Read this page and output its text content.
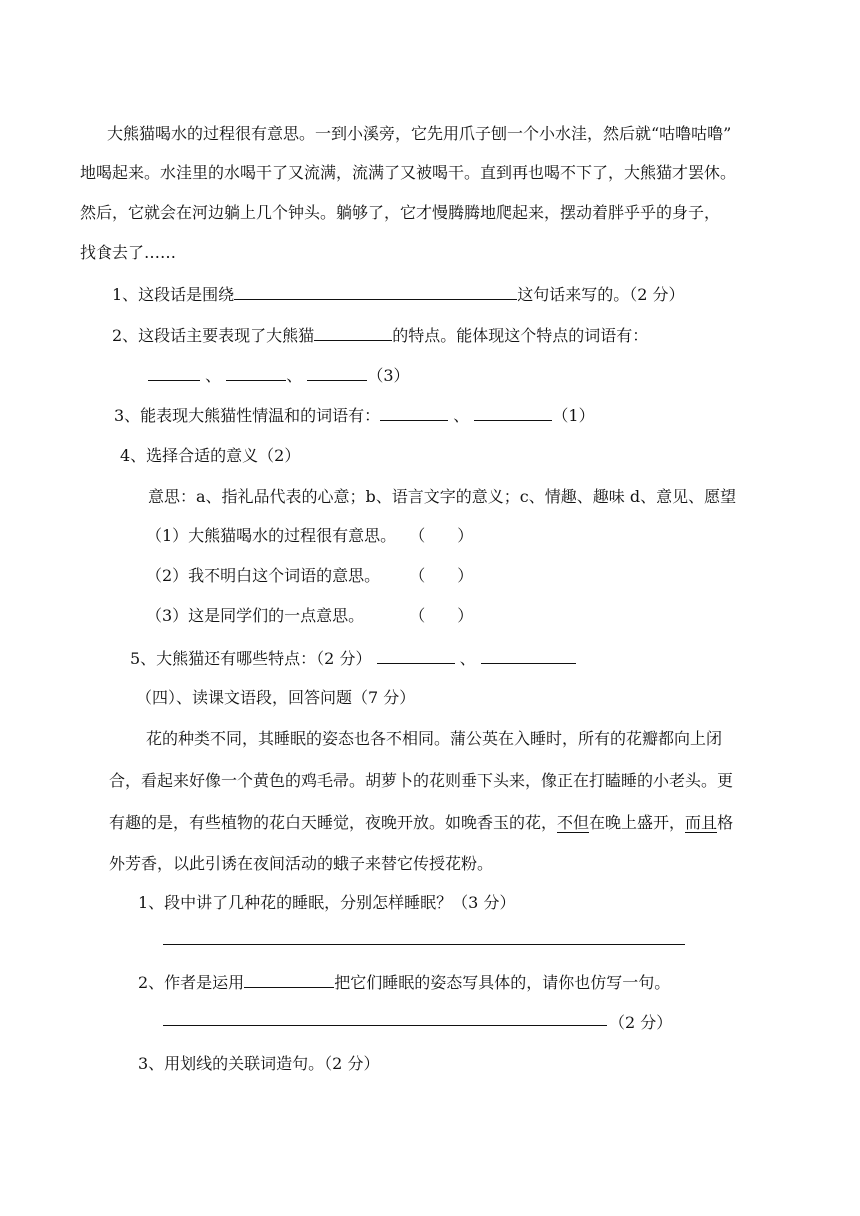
大熊猫喝水的过程很有意思。一到小溪旁，它先用爪子刨一个小水洼，然后就“咕噜咕噜”
地喝起来。水洼里的水喝干了又流满，流满了又被喝干。直到再也喝不下了，大熊猫才罢休。
然后，它就会在河边躺上几个钟头。躺够了，它才慢腾腾地爬起来，摆动着胖乎乎的身子，
找食去了……
1、这段话是围绕	这句话来写的。（2 分）
2、这段话主要表现了大熊猫	的特点。能体现这个特点的词语有：
、	、	（3）
3、能表现大熊猫性情温和的词语有：	、	（1）
4、选择合适的意义（2）
意思：a、指礼品代表的心意；b、语言文字的意义；c、情趣、趣味 d、意见、愿望
（1）大熊猫喝水的过程很有意思。 （　　）
（2）我不明白这个词语的意思。 （　　）
（3）这是同学们的一点意思。	（　　）
5、大熊猫还有哪些特点：（2 分）	、
（四）、读课文语段，回答问题（7 分）
花的种类不同，其睡眠的姿态也各不相同。蒲公英在入睡时，所有的花瓣都向上闭
合，看起来好像一个黄色的鸡毛帚。胡萝卜的花则垂下头来，像正在打瞌睡的小老头。更
有趣的是，有些植物的花白天睡觉，夜晚开放。如晚香玉的花，不但在晚上盛开，而且格
外芳香，以此引诱在夜间活动的蛾子来替它传授花粉。
1、段中讲了几种花的睡眠，分别怎样睡眠？（3 分）
2、作者是运用	把它们睡眠的姿态写具体的，请你也仿写一句。
（2 分）
3、用划线的关联词造句。（2 分）
